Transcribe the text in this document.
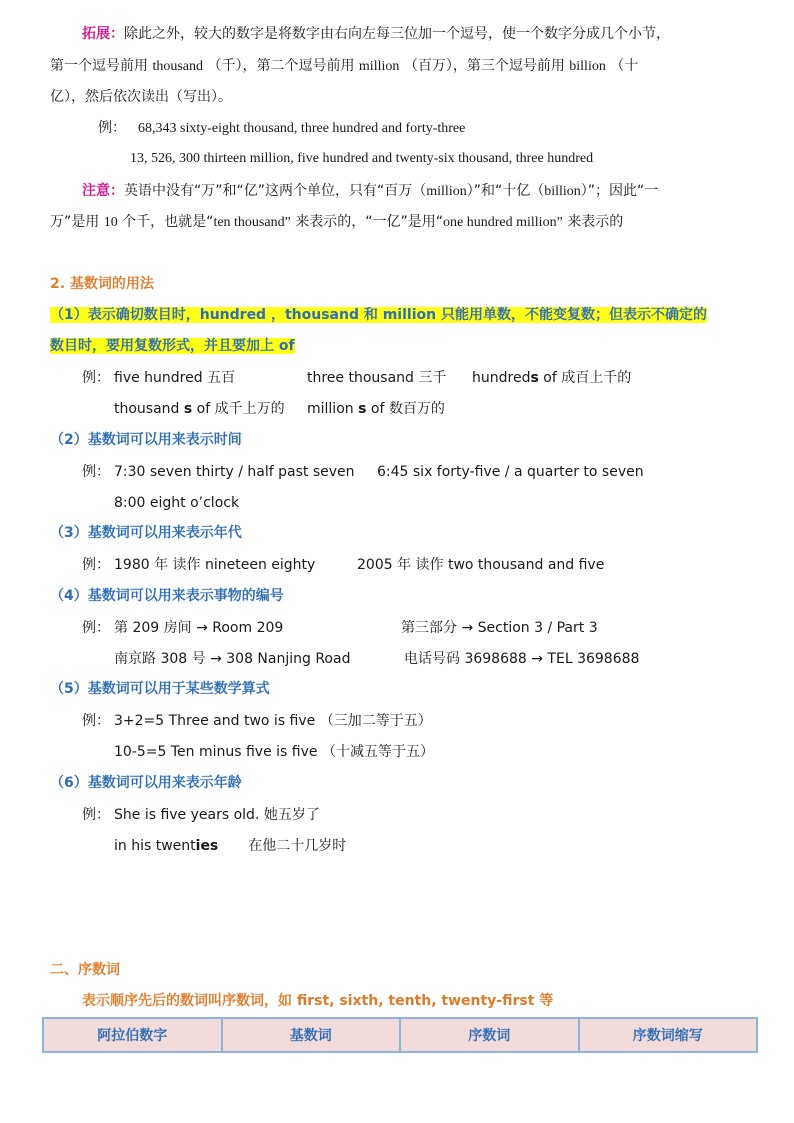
拓展：除此之外，较大的数字是将数字由右向左每三位加一个逗号，使一个数字分成几个小节，
第一个逗号前用 thousand （千），第二个逗号前用 million （百万），第三个逗号前用 billion （十
亿），然后依次读出（写出）。
例： 68,343 sixty-eight thousand, three hundred and forty-three
13, 526, 300 thirteen million, five hundred and twenty-six thousand, three hundred
注意：英语中没有“万”和“亿”这两个单位，只有“百万（million）”和“十亿（billion）”；因此“一
万”是用 10 个千，也就是“ten thousand” 来表示的，“一亿”是用“one hundred million” 来表示的
2. 基数词的用法
（1）表示确切数目时，hundred ，thousand 和 million 只能用单数，不能变复数；但表示不确定的
数目时，要用复数形式，并且要加上 of
例： five hundred 五百	three thousand 三千 hundreds of 成百上千的
thousand s of 成千上万的 million s of 数百万的
（2）基数词可以用来表示时间
例： 7:30 seven thirty / half past seven 6:45 six forty-five / a quarter to seven
8:00 eight o’clock
（3）基数词可以用来表示年代
例： 1980 年 读作 nineteen eighty	2005 年 读作 two thousand and five
（4）基数词可以用来表示事物的编号
例： 第 209 房间 → Room 209	第三部分 → Section 3 / Part 3
南京路 308 号 → 308 Nanjing Road	电话号码 3698688 → TEL 3698688
（5）基数词可以用于某些数学算式
例： 3+2=5 Three and two is five （三加二等于五）
10-5=5 Ten minus five is five （十减五等于五）
（6）基数词可以用来表示年龄
例： She is five years old. 她五岁了
in his twenties 在他二十几岁时
二、序数词
表示顺序先后的数词叫序数词，如 first, sixth, tenth, twenty-first 等
阿拉伯数字	基数词	序数词	序数词缩写
